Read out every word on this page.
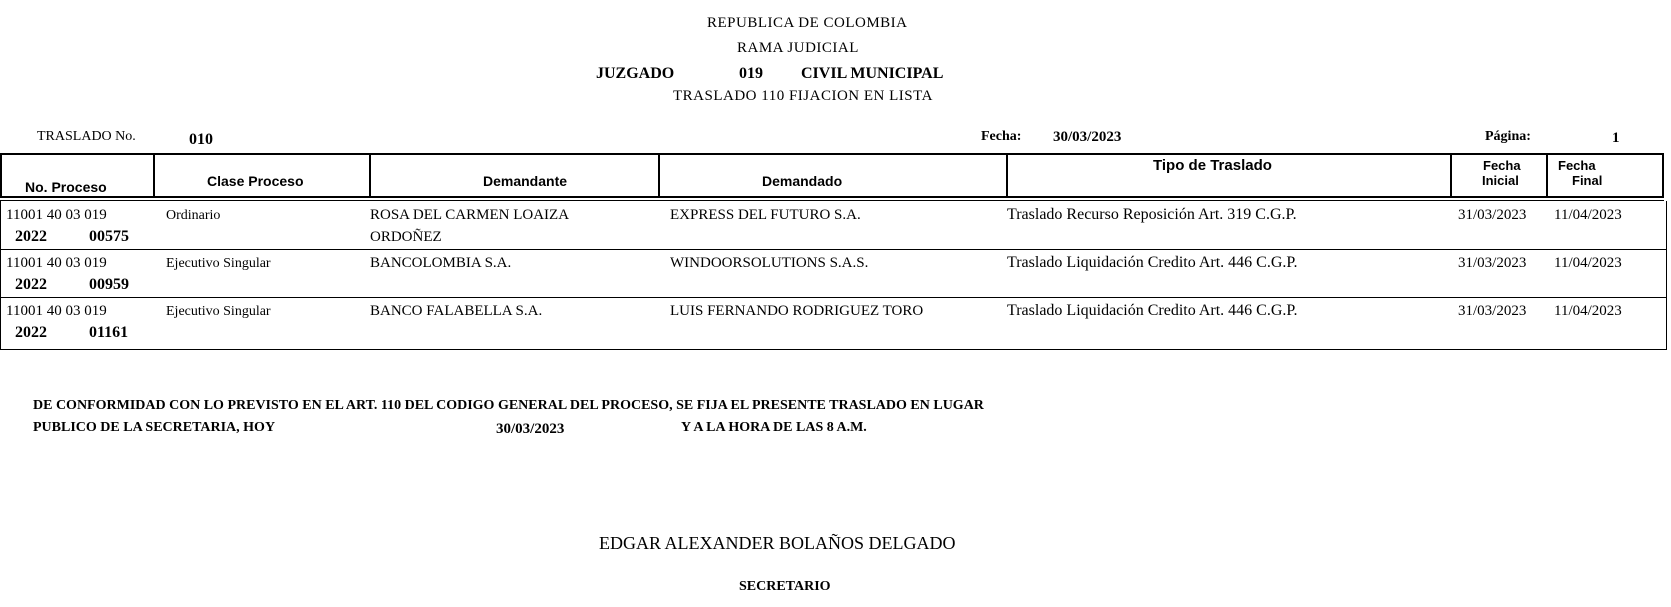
REPUBLICA DE COLOMBIA
RAMA JUDICIAL
JUZGADO	019 CIVIL MUNICIPAL
TRASLADO 110 FIJACION EN LISTA
TRASLADO No.	010	Fecha: 30/03/2023	Página:	1
No. Proceso	Clase Proceso	Demandante	Demandado
Tipo de Traslado	Fecha
Inicial
Fecha
Final
11001 40 03 019
2022	00575
Ordinario	ROSA DEL CARMEN LOAIZA
ORDOÑEZ
EXPRESS DEL FUTURO S.A.	Traslado Recurso Reposición Art. 319 C.G.P.	31/03/2023 11/04/2023
11001 40 03 019
2022	00959
Ejecutivo Singular	BANCOLOMBIA S.A.	WINDOORSOLUTIONS S.A.S.	Traslado Liquidación Credito Art. 446 C.G.P.	31/03/2023 11/04/2023
11001 40 03 019
2022	01161
Ejecutivo Singular	BANCO FALABELLA S.A.	LUIS FERNANDO RODRIGUEZ TORO	Traslado Liquidación Credito Art. 446 C.G.P.	31/03/2023 11/04/2023
DE CONFORMIDAD CON LO PREVISTO EN EL ART. 110 DEL CODIGO GENERAL DEL PROCESO, SE FIJA EL PRESENTE TRASLADO EN LUGAR
PUBLICO DE LA SECRETARIA, HOY	30/03/2023	Y A LA HORA DE LAS 8 A.M.
EDGAR ALEXANDER BOLAÑOS DELGADO
SECRETARIO
